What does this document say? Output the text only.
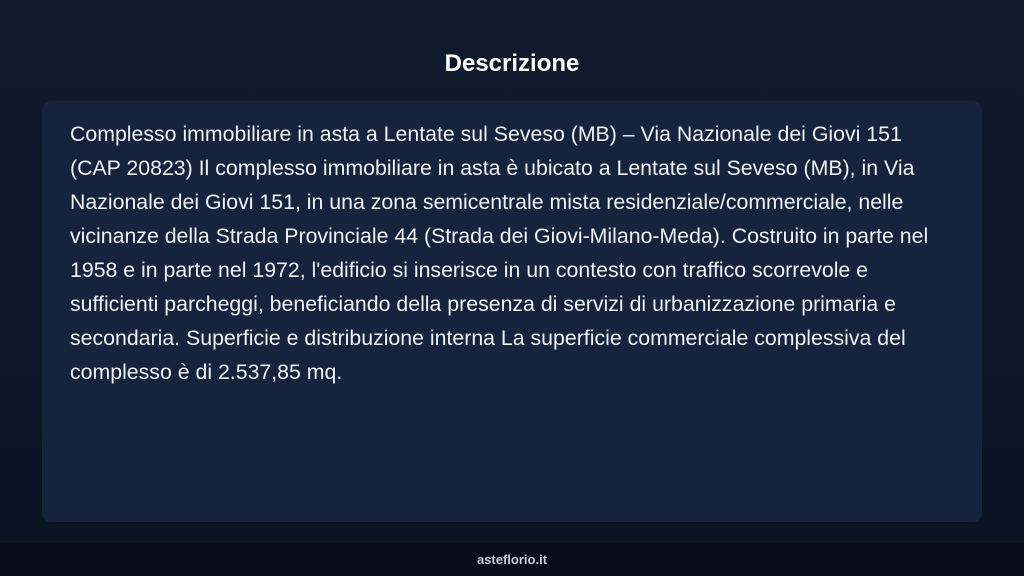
Descrizione

Complesso immobiliare in asta a Lentate sul Seveso (MB) – Via Nazionale dei Giovi 151 (CAP 20823) Il complesso immobiliare in asta è ubicato a Lentate sul Seveso (MB), in Via Nazionale dei Giovi 151, in una zona semicentrale mista residenziale/commerciale, nelle vicinanze della Strada Provinciale 44 (Strada dei Giovi-Milano-Meda). Costruito in parte nel 1958 e in parte nel 1972, l'edificio si inserisce in un contesto con traffico scorrevole e sufficienti parcheggi, beneficiando della presenza di servizi di urbanizzazione primaria e secondaria. Superficie e distribuzione interna La superficie commerciale complessiva del complesso è di 2.537,85 mq.

asteflorio.it
